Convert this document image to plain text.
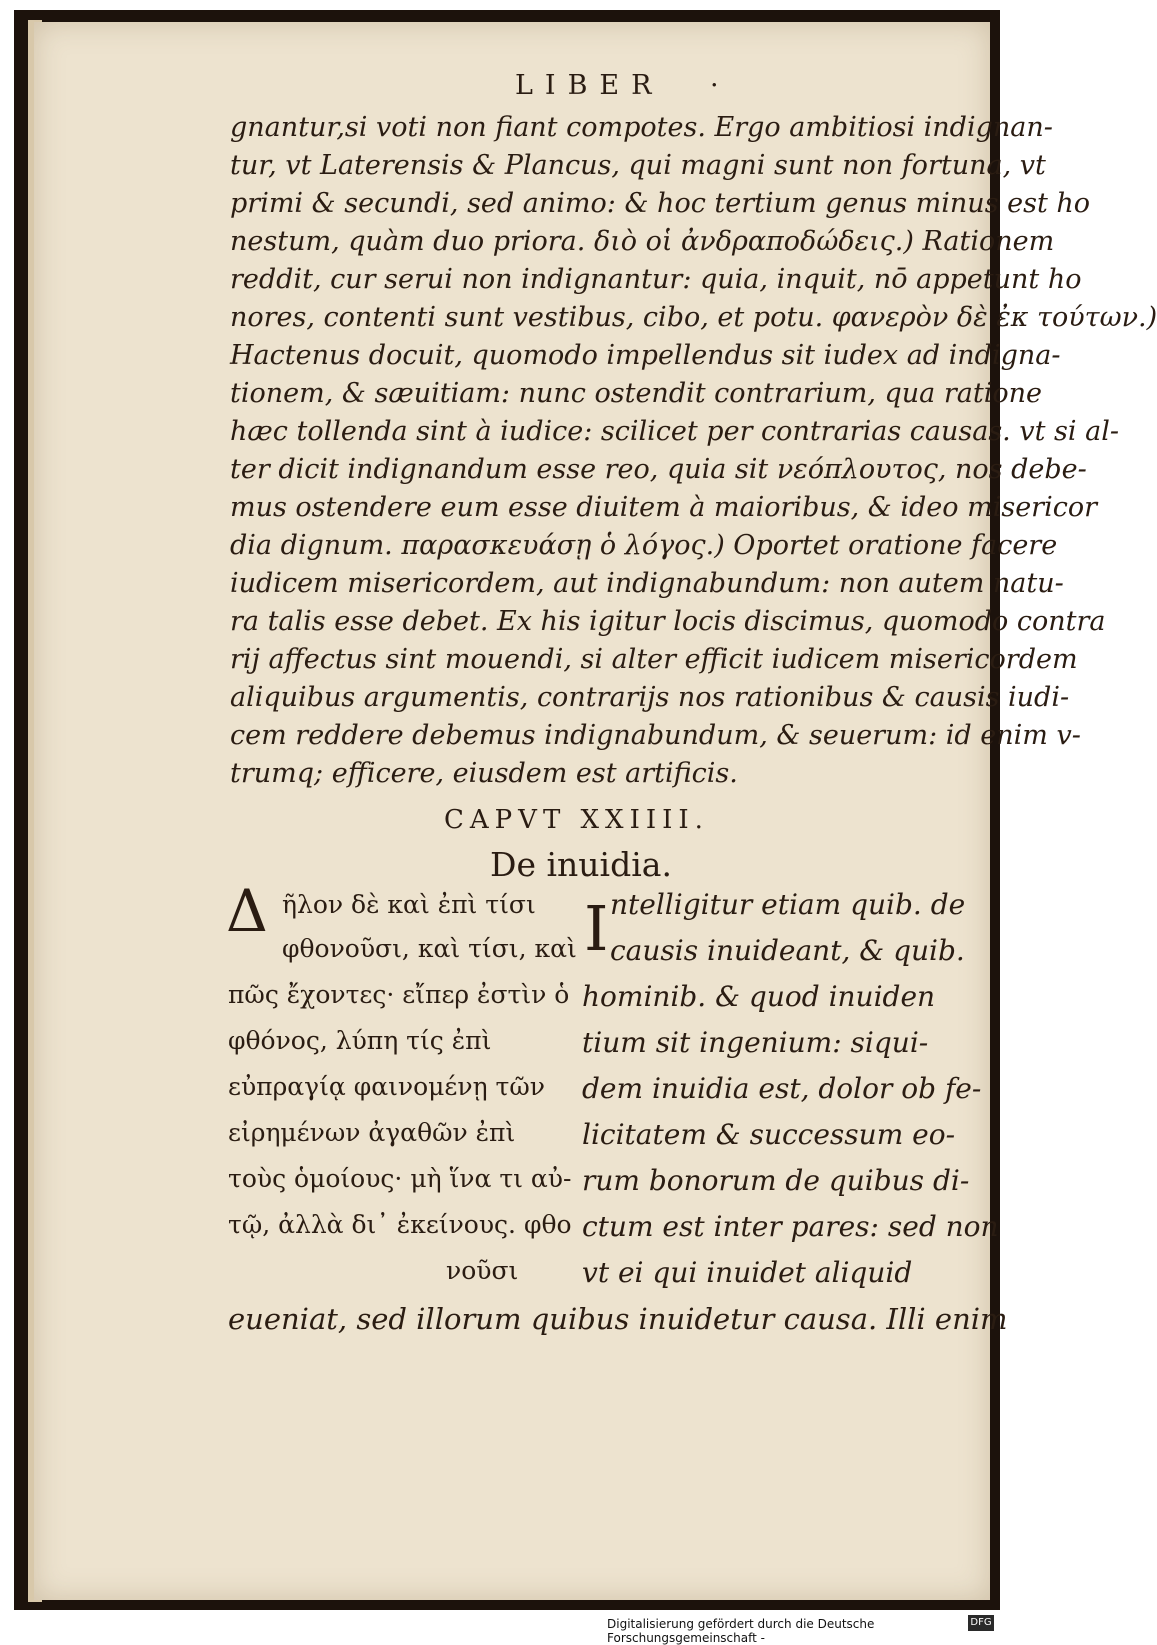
LIBER ·
gnantur,si voti non fiant compotes. Ergo ambitiosi indignan-
tur, vt Laterensis & Plancus, qui magni sunt non fortuna, vt
primi & secundi, sed animo: & hoc tertium genus minus est ho
nestum, quàm duo priora. διὸ οἱ ἀνδραποδώδεις.) Rationem
reddit, cur serui non indignantur: quia, inquit, nō appetunt ho
nores, contenti sunt vestibus, cibo, et potu. φανερὸν δὲ ἐκ τούτων.)
Hactenus docuit, quomodo impellendus sit iudex ad indigna-
tionem, & sæuitiam: nunc ostendit contrarium, qua ratione
hæc tollenda sint à iudice: scilicet per contrarias causas. vt si al-
ter dicit indignandum esse reo, quia sit νεόπλουτος, nos debe-
mus ostendere eum esse diuitem à maioribus, & ideo misericor
dia dignum. παρασκευάσῃ ὁ λόγος.) Oportet oratione facere
iudicem misericordem, aut indignabundum: non autem natu-
ra talis esse debet. Ex his igitur locis discimus, quomodo contra
rij affectus sint mouendi, si alter efficit iudicem misericordem
aliquibus argumentis, contrarijs nos rationibus & causis iudi-
cem reddere debemus indignabundum, & seuerum: id enim v-
trumq; efficere, eiusdem est artificis.
CAPVT XXIIII.
De inuidia.
Δ ῆλον δὲ καὶ ἐπὶ τίσι
φθονοῦσι, καὶ τίσι, καὶ
πῶς ἔχοντες· εἴπερ ἐστὶν ὁ
φθόνος, λύπη τίς ἐπὶ
εὐπραγίᾳ φαινομένῃ τῶν
εἰρημένων ἀγαθῶν ἐπὶ
τοὺς ὁμοίους· μὴ ἵνα τι αὐ-
τῷ, ἀλλὰ δι᾽ ἐκείνους. φθο
νοῦσι
I ntelligitur etiam quib. de
causis inuideant, & quib.
hominib. & quod inuiden
tium sit ingenium: siqui-
dem inuidia est, dolor ob fe-
licitatem & successum eo-
rum bonorum de quibus di-
ctum est inter pares: sed non
vt ei qui inuidet aliquid
eueniat, sed illorum quibus inuidetur causa. Illi enim
Digitalisierung gefördert durch die Deutsche Forschungsgemeinschaft -
DFG
